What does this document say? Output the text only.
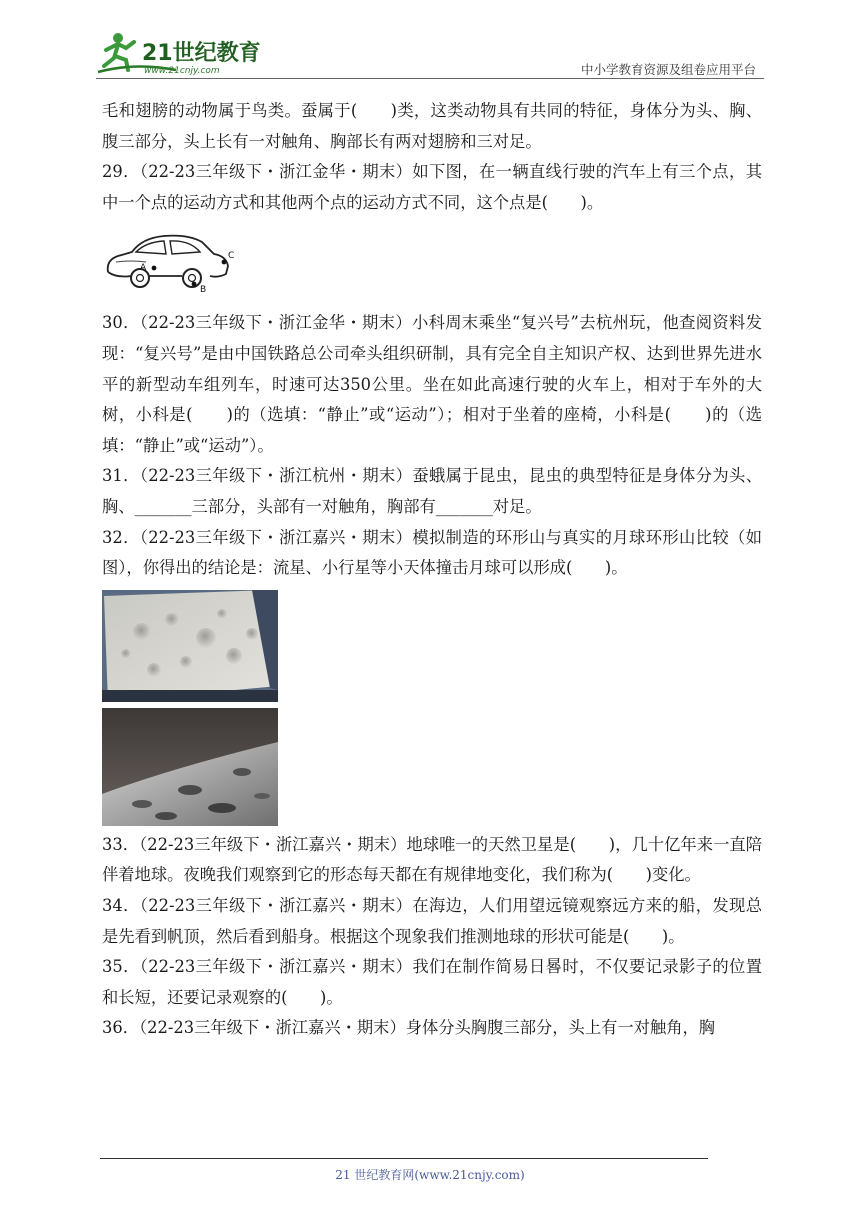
21世纪教育
www.21cnjy.com	中小学教育资源及组卷应用平台

毛和翅膀的动物属于鸟类。蚕属于(　　)类，这类动物具有共同的特征，身体分为头、胸、腹三部分，头上长有一对触角、胸部长有两对翅膀和三对足。

29．（22-23三年级下・浙江金华・期末）如下图，在一辆直线行驶的汽车上有三个点，其中一个点的运动方式和其他两个点的运动方式不同，这个点是(　　)。

A
B
C

30．（22-23三年级下・浙江金华・期末）小科周末乘坐“复兴号”去杭州玩，他查阅资料发现：“复兴号”是由中国铁路总公司牵头组织研制，具有完全自主知识产权、达到世界先进水平的新型动车组列车，时速可达350公里。坐在如此高速行驶的火车上，相对于车外的大树，小科是(　　)的（选填：“静止”或“运动”）；相对于坐着的座椅，小科是(　　)的（选填：“静止”或“运动”）。

31．（22-23三年级下・浙江杭州・期末）蚕蛾属于昆虫，昆虫的典型特征是身体分为头、胸、_______三部分，头部有一对触角，胸部有_______对足。

32．（22-23三年级下・浙江嘉兴・期末）模拟制造的环形山与真实的月球环形山比较（如图），你得出的结论是：流星、小行星等小天体撞击月球可以形成(　　)。

33．（22-23三年级下・浙江嘉兴・期末）地球唯一的天然卫星是(　　)，几十亿年来一直陪伴着地球。夜晚我们观察到它的形态每天都在有规律地变化，我们称为(　　)变化。

34．（22-23三年级下・浙江嘉兴・期末）在海边，人们用望远镜观察远方来的船，发现总是先看到帆顶，然后看到船身。根据这个现象我们推测地球的形状可能是(　　)。

35．（22-23三年级下・浙江嘉兴・期末）我们在制作简易日晷时，不仅要记录影子的位置和长短，还要记录观察的(　　)。

36．（22-23三年级下・浙江嘉兴・期末）身体分头胸腹三部分，头上有一对触角，胸

21 世纪教育网(www.21cnjy.com)
